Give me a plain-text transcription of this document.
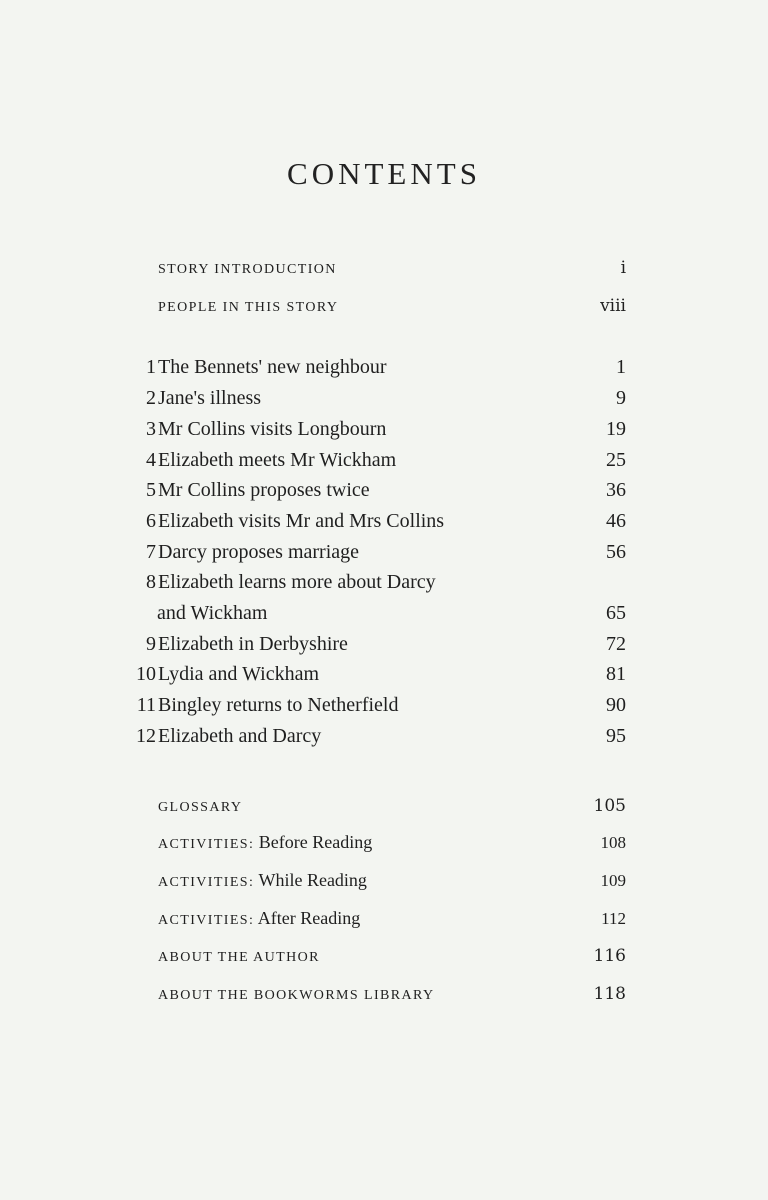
CONTENTS
STORY INTRODUCTION	i
PEOPLE IN THIS STORY	viii
1 The Bennets' new neighbour	1
2 Jane's illness	9
3 Mr Collins visits Longbourn	19
4 Elizabeth meets Mr Wickham	25
5 Mr Collins proposes twice	36
6 Elizabeth visits Mr and Mrs Collins	46
7 Darcy proposes marriage	56
8 Elizabeth learns more about Darcy
and Wickham	65
9 Elizabeth in Derbyshire	72
10 Lydia and Wickham	81
11 Bingley returns to Netherfield	90
12 Elizabeth and Darcy	95
GLOSSARY	105
ACTIVITIES: Before Reading	108
ACTIVITIES: While Reading	109
ACTIVITIES: After Reading	112
ABOUT THE AUTHOR	116
ABOUT THE BOOKWORMS LIBRARY	118
